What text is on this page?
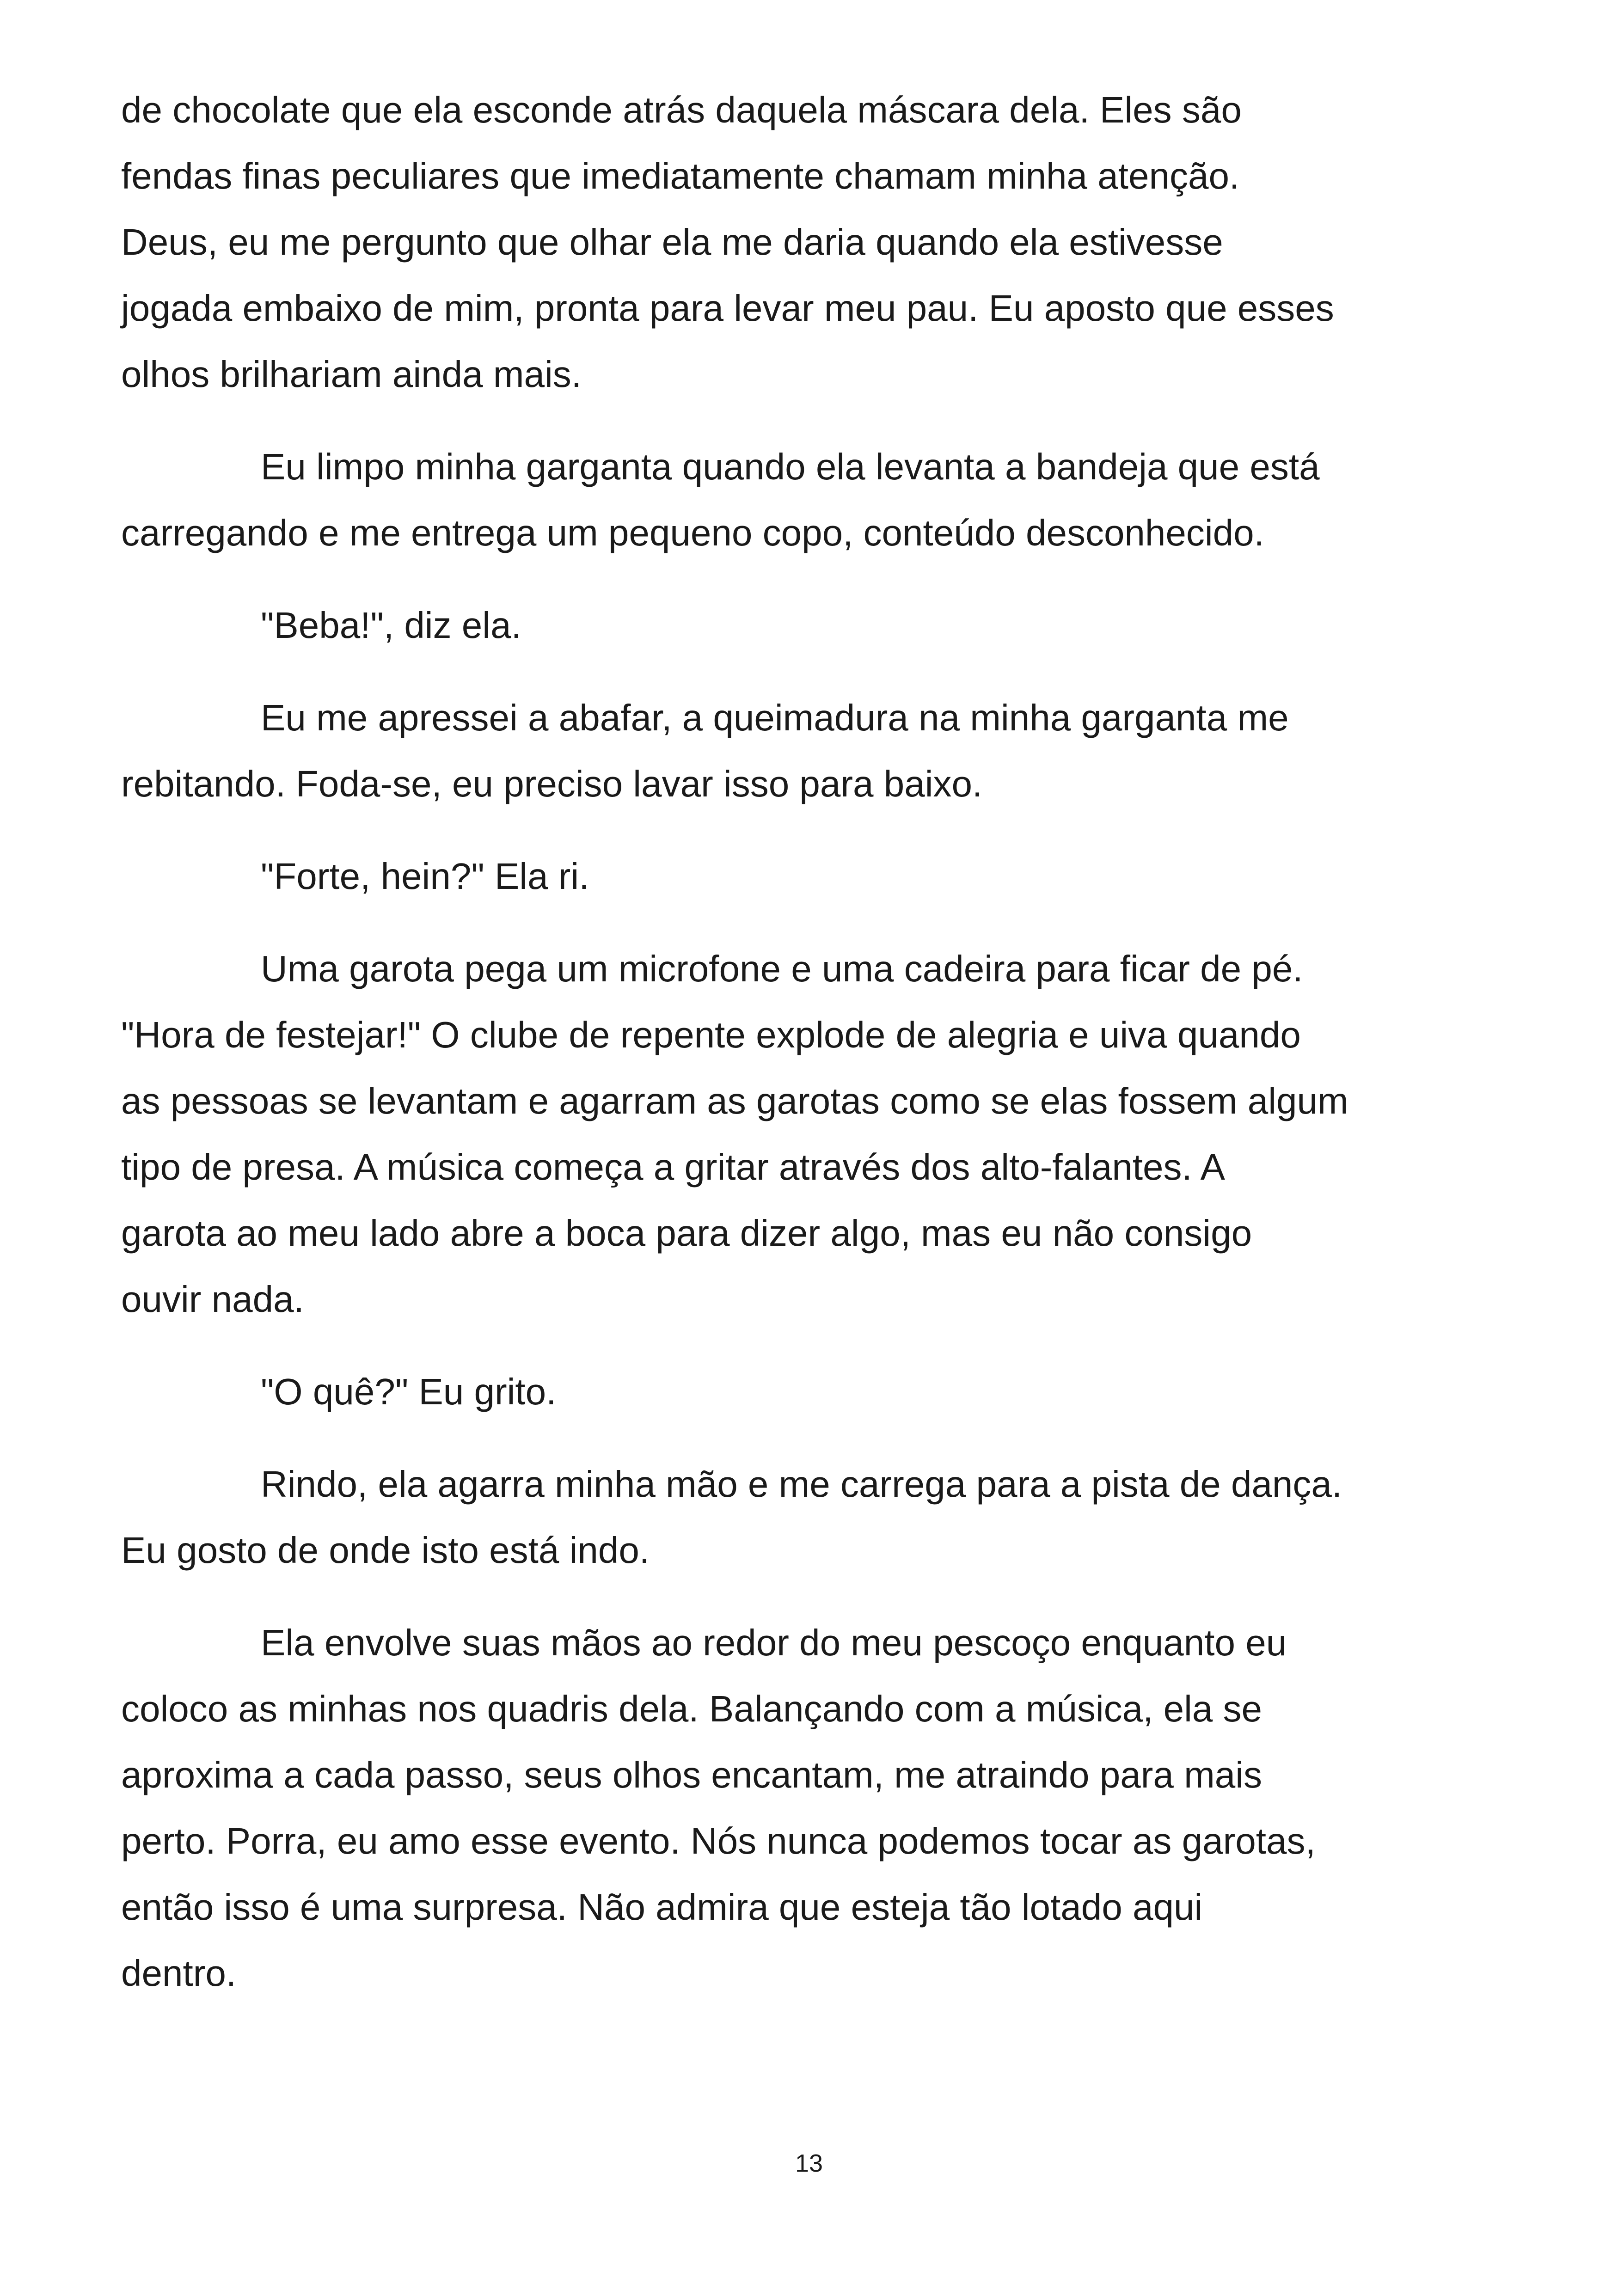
de chocolate que ela esconde atrás daquela máscara dela. Eles são
fendas finas peculiares que imediatamente chamam minha atenção.
Deus, eu me pergunto que olhar ela me daria quando ela estivesse
jogada embaixo de mim, pronta para levar meu pau. Eu aposto que esses
olhos brilhariam ainda mais.

Eu limpo minha garganta quando ela levanta a bandeja que está
carregando e me entrega um pequeno copo, conteúdo desconhecido.

"Beba!", diz ela.

Eu me apressei a abafar, a queimadura na minha garganta me
rebitando. Foda-se, eu preciso lavar isso para baixo.

"Forte, hein?" Ela ri.

Uma garota pega um microfone e uma cadeira para ficar de pé.
"Hora de festejar!" O clube de repente explode de alegria e uiva quando
as pessoas se levantam e agarram as garotas como se elas fossem algum
tipo de presa. A música começa a gritar através dos alto-falantes. A
garota ao meu lado abre a boca para dizer algo, mas eu não consigo
ouvir nada.

"O quê?" Eu grito.

Rindo, ela agarra minha mão e me carrega para a pista de dança.
Eu gosto de onde isto está indo.

Ela envolve suas mãos ao redor do meu pescoço enquanto eu
coloco as minhas nos quadris dela. Balançando com a música, ela se
aproxima a cada passo, seus olhos encantam, me atraindo para mais
perto. Porra, eu amo esse evento. Nós nunca podemos tocar as garotas,
então isso é uma surpresa. Não admira que esteja tão lotado aqui
dentro.

13
